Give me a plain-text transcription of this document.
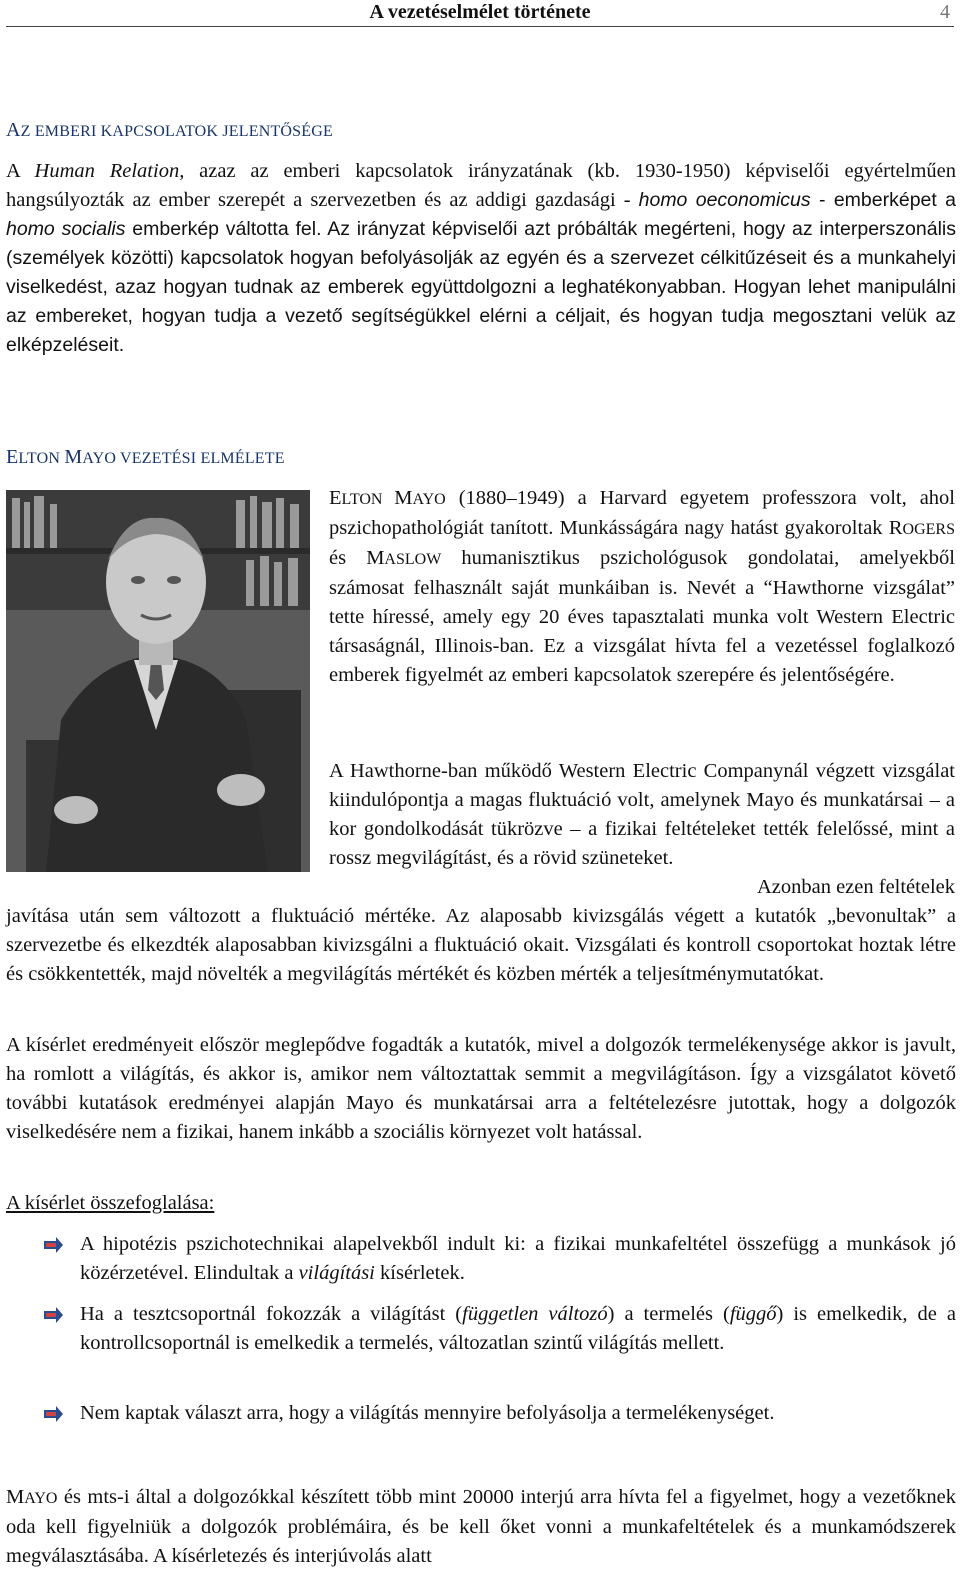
A vezetéselmélet története	4
AZ EMBERI KAPCSOLATOK JELENTŐSÉGE

A Human Relation, azaz az emberi kapcsolatok irányzatának (kb. 1930-1950) képviselői egyértelműen hangsúlyozták az ember szerepét a szervezetben és az addigi gazdasági - homo oeconomicus - emberképet a homo socialis emberkép váltotta fel. Az irányzat képviselői azt próbálták megérteni, hogy az interperszonális (személyek közötti) kapcsolatok hogyan befolyásolják az egyén és a szervezet célkitűzéseit és a munkahelyi viselkedést, azaz hogyan tudnak az emberek együttdolgozni a leghatékonyabban. Hogyan lehet manipulálni az embereket, hogyan tudja a vezető segítségükkel elérni a céljait, és hogyan tudja megosztani velük az elképzeléseit.

ELTON MAYO VEZETÉSI ELMÉLETE

ELTON MAYO (1880–1949) a Harvard egyetem professzora volt, ahol pszichopathológiát tanított. Munkásságára nagy hatást gyakoroltak ROGERS és MASLOW humanisztikus pszichológusok gondolatai, amelyekből számosat felhasznált saját munkáiban is. Nevét a “Hawthorne vizsgálat” tette híressé, amely egy 20 éves tapasztalati munka volt Western Electric társaságnál, Illinois-ban. Ez a vizsgálat hívta fel a vezetéssel foglalkozó emberek figyelmét az emberi kapcsolatok szerepére és jelentőségére.

A Hawthorne-ban működő Western Electric Companynál végzett vizsgálat kiindulópontja a magas fluktuáció volt, amelynek Mayo és munkatársai – a kor gondolkodását tükrözve – a fizikai feltételeket tették felelőssé, mint a rossz megvilágítást, és a rövid szüneteket.

Azonban ezen feltételek

javítása után sem változott a fluktuáció mértéke. Az alaposabb kivizsgálás végett a kutatók „bevonultak” a szervezetbe és elkezdték alaposabban kivizsgálni a fluktuáció okait. Vizsgálati és kontroll csoportokat hoztak létre és csökkentették, majd növelték a megvilágítás mértékét és közben mérték a teljesítménymutatókat.

A kísérlet eredményeit először meglepődve fogadták a kutatók, mivel a dolgozók termelékenysége akkor is javult, ha romlott a világítás, és akkor is, amikor nem változtattak semmit a megvilágításon. Így a vizsgálatot követő további kutatások eredményei alapján Mayo és munkatársai arra a feltételezésre jutottak, hogy a dolgozók viselkedésére nem a fizikai, hanem inkább a szociális környezet volt hatással.

A kísérlet összefoglalása:

A hipotézis pszichotechnikai alapelvekből indult ki: a fizikai munkafeltétel összefügg a munkások jó közérzetével. Elindultak a világítási kísérletek.

Ha a tesztcsoportnál fokozzák a világítást (független változó) a termelés (függő) is emelkedik, de a kontrollcsoportnál is emelkedik a termelés, változatlan szintű világítás mellett.

Nem kaptak választ arra, hogy a világítás mennyire befolyásolja a termelékenységet.

MAYO és mts-i által a dolgozókkal készített több mint 20000 interjú arra hívta fel a figyelmet, hogy a vezetőknek oda kell figyelniük a dolgozók problémáira, és be kell őket vonni a munkafeltételek és a munkamódszerek megválasztásába. A kísérletezés és interjúvolás alatt
